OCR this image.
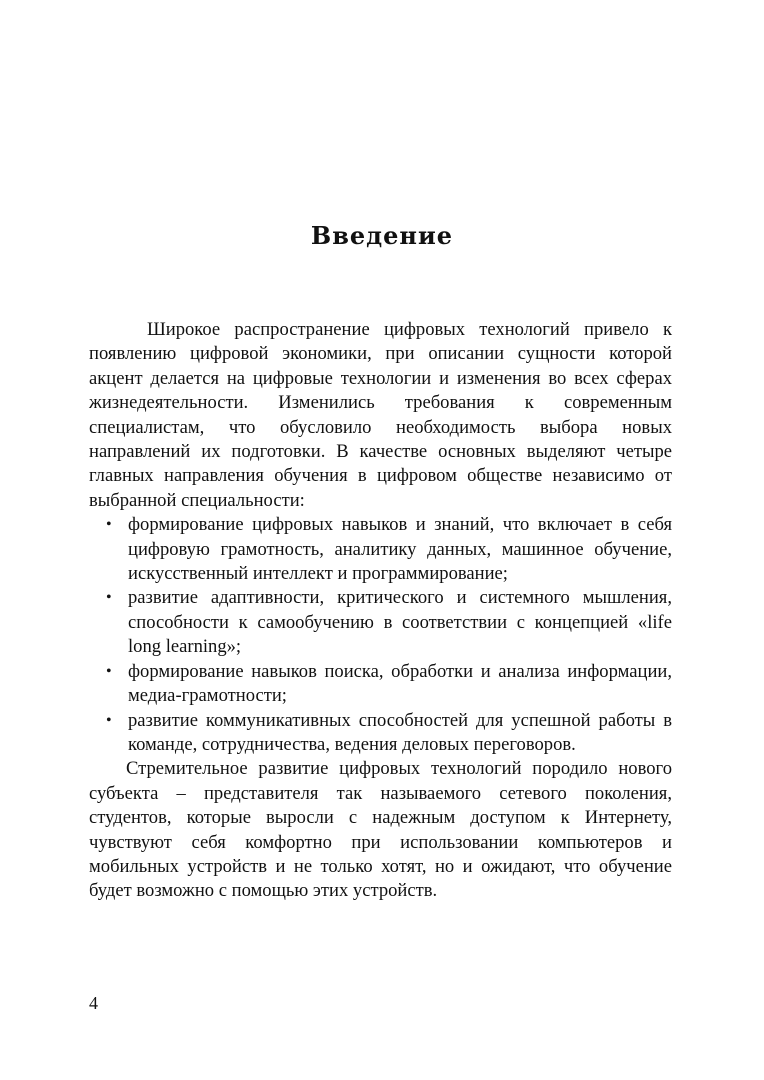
Введение

Широкое распространение цифровых технологий привело к появлению цифровой экономики, при описании сущности которой акцент делается на цифровые технологии и изменения во всех сферах жизнедеятельности. Изменились требования к современным специалистам, что обусловило необходимость выбора новых направлений их подготовки. В качестве основных выделяют четыре главных направления обучения в цифровом обществе независимо от выбранной специальности:

• формирование цифровых навыков и знаний, что включает в себя цифровую грамотность, аналитику данных, машинное обучение, искусственный интеллект и программирование;
• развитие адаптивности, критического и системного мышления, способности к самообучению в соответствии с концепцией «life long learning»;
• формирование навыков поиска, обработки и анализа информации, медиа-грамотности;
• развитие коммуникативных способностей для успешной работы в команде, сотрудничества, ведения деловых переговоров.

Стремительное развитие цифровых технологий породило нового субъекта – представителя так называемого сетевого поколения, студентов, которые выросли с надежным доступом к Интернету, чувствуют себя комфортно при использовании компьютеров и мобильных устройств и не только хотят, но и ожидают, что обучение будет возможно с помощью этих устройств.

4
